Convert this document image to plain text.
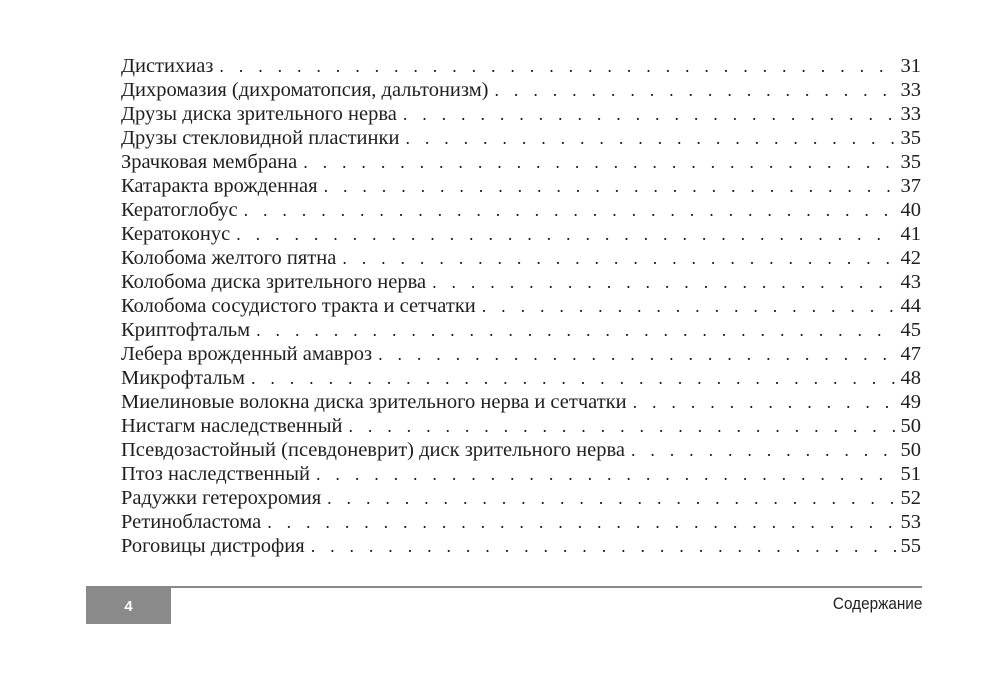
Дистихиаз . . .	31
Дихромазия (дихроматопсия, дальтонизм) . . .	33
Друзы диска зрительного нерва . . .	33
Друзы стекловидной пластинки . . .	35
Зрачковая мембрана . . .	35
Катаракта врожденная . . .	37
Кератоглобус . . .	40
Кератоконус . . .	41
Колобома желтого пятна . . .	42
Колобома диска зрительного нерва . . .	43
Колобома сосудистого тракта и сетчатки . . .	44
Криптофтальм . . .	45
Лебера врожденный амавроз . . .	47
Микрофтальм . . .	48
Миелиновые волокна диска зрительного нерва и сетчатки . . .	49
Нистагм наследственный . . .	50
Псевдозастойный (псевдоневрит) диск зрительного нерва . . .	50
Птоз наследственный . . .	51
Радужки гетерохромия . . .	52
Ретинобластома . . .	53
Роговицы дистрофия . . .	55
4	Содержание
